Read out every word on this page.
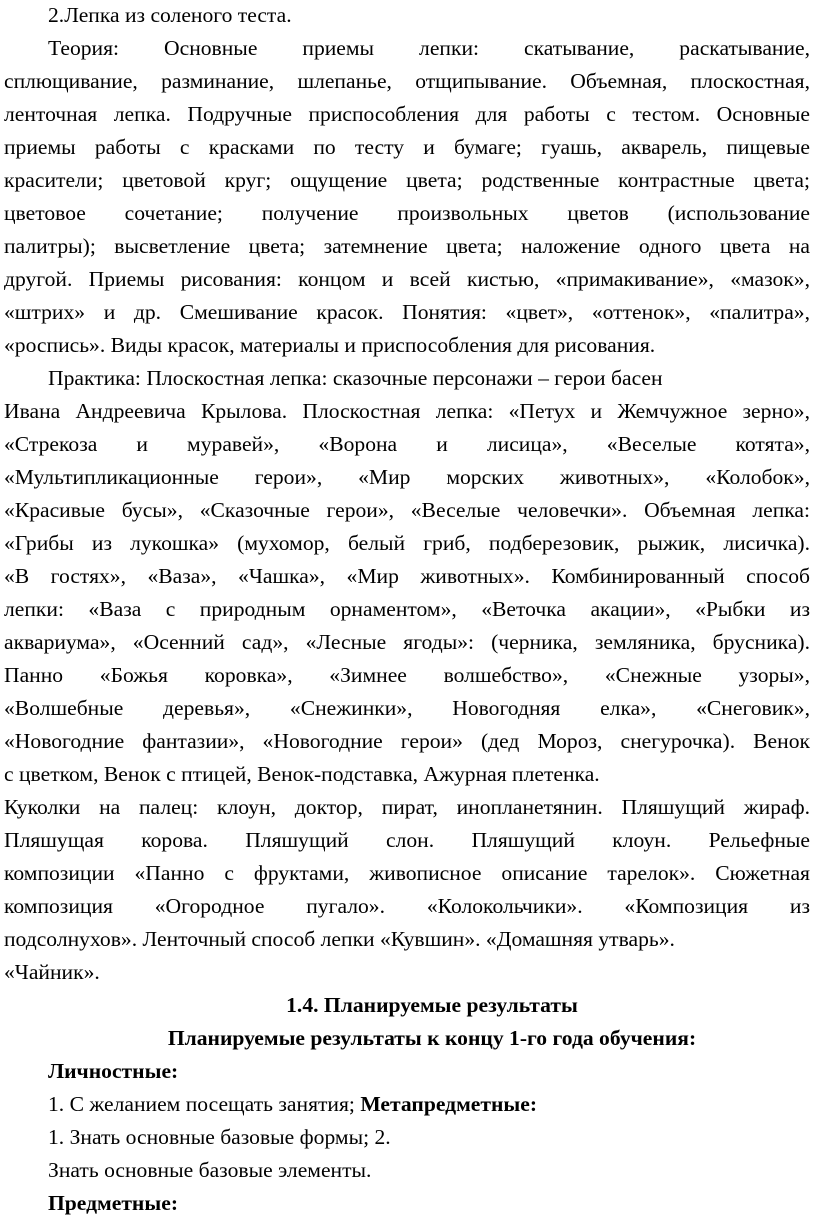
2.Лепка из соленого теста.
Теория: Основные приемы лепки: скатывание, раскатывание,
сплющивание, разминание, шлепанье, отщипывание. Объемная, плоскостная,
ленточная лепка. Подручные приспособления для работы с тестом. Основные
приемы работы с красками по тесту и бумаге; гуашь, акварель, пищевые
красители; цветовой круг; ощущение цвета; родственные контрастные цвета;
цветовое сочетание; получение произвольных цветов (использование
палитры); высветление цвета; затемнение цвета; наложение одного цвета на
другой. Приемы рисования: концом и всей кистью, «примакивание», «мазок»,
«штрих» и др. Смешивание красок. Понятия: «цвет», «оттенок», «палитра»,
«роспись». Виды красок, материалы и приспособления для рисования.
Практика: Плоскостная лепка: сказочные персонажи – герои басен
Ивана Андреевича Крылова. Плоскостная лепка: «Петух и Жемчужное зерно»,
«Стрекоза и муравей», «Ворона и лисица», «Веселые котята»,
«Мультипликационные герои», «Мир морских животных», «Колобок»,
«Красивые бусы», «Сказочные герои», «Веселые человечки». Объемная лепка:
«Грибы из лукошка» (мухомор, белый гриб, подберезовик, рыжик, лисичка).
«В гостях», «Ваза», «Чашка», «Мир животных». Комбинированный способ
лепки: «Ваза с природным орнаментом», «Веточка акации», «Рыбки из
аквариума», «Осенний сад», «Лесные ягоды»: (черника, земляника, брусника).
Панно «Божья коровка», «Зимнее волшебство», «Снежные узоры»,
«Волшебные деревья», «Снежинки», Новогодняя елка», «Снеговик»,
«Новогодние фантазии», «Новогодние герои» (дед Мороз, снегурочка). Венок
с цветком, Венок с птицей, Венок-подставка, Ажурная плетенка.
Куколки на палец: клоун, доктор, пират, инопланетянин. Пляшущий жираф.
Пляшущая корова. Пляшущий слон. Пляшущий клоун. Рельефные
композиции «Панно с фруктами, живописное описание тарелок». Сюжетная
композиция «Огородное пугало». «Колокольчики». «Композиция из
подсолнухов». Ленточный способ лепки «Кувшин». «Домашняя утварь».
«Чайник».
1.4. Планируемые результаты
Планируемые результаты к концу 1-го года обучения:
Личностные:
1. С желанием посещать занятия; Метапредметные:
1. Знать основные базовые формы; 2.
Знать основные базовые элементы.
Предметные:
